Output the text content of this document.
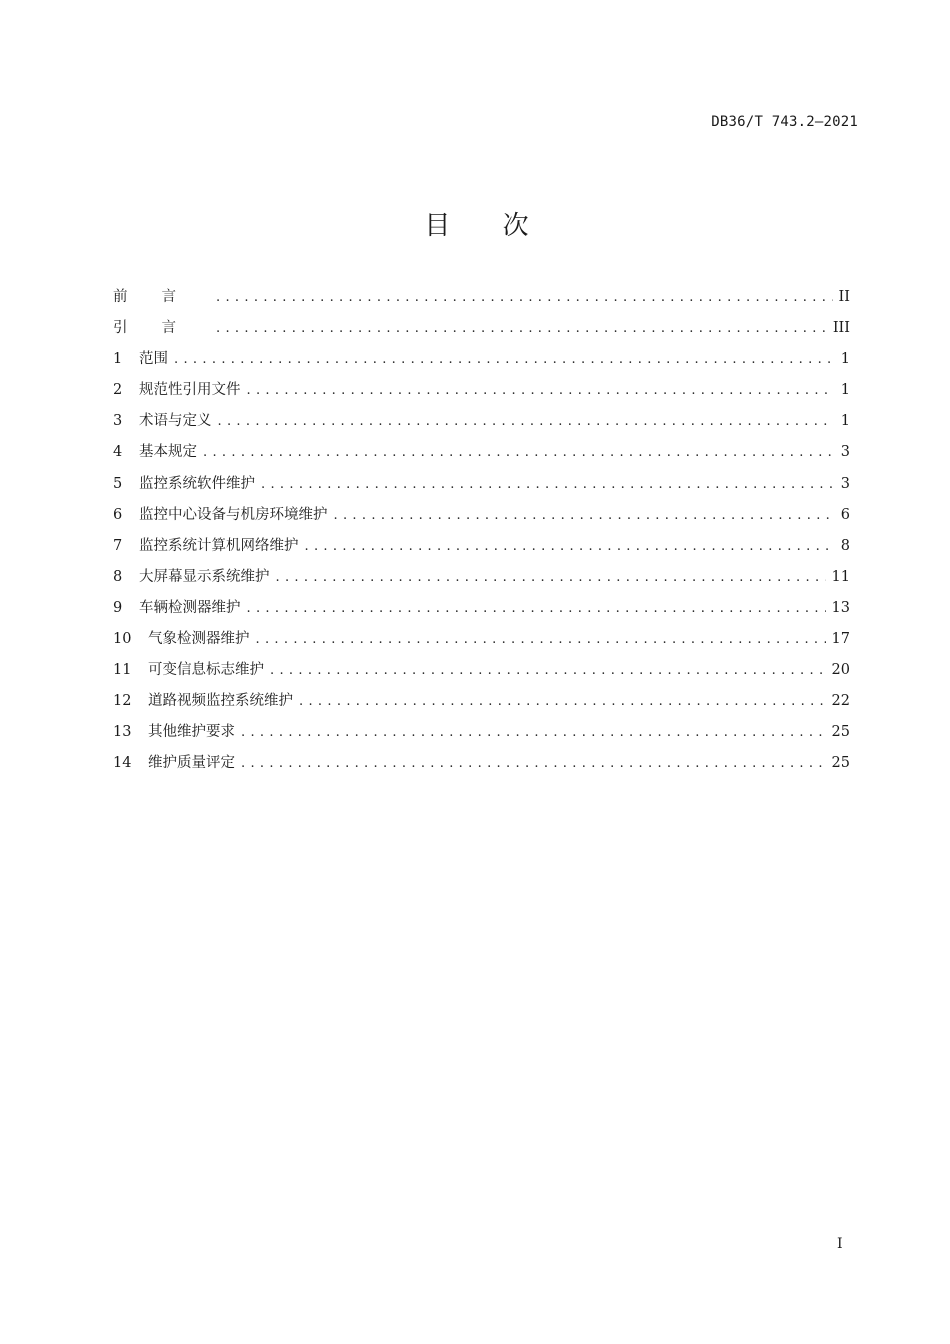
DB36/T 743.2—2021
目 次
前言 . . .	II
引言 . . .	III
1	范围 . . .	1
2	规范性引用文件 . . .	1
3	术语与定义 . . .	1
4	基本规定 . . .	3
5	监控系统软件维护 . . .	3
6	监控中心设备与机房环境维护 . . .	6
7	监控系统计算机网络维护 . . .	8
8	大屏幕显示系统维护 . . .	11
9	车辆检测器维护 . . .	13
10	气象检测器维护 . . .	17
11	可变信息标志维护 . . .	20
12	道路视频监控系统维护 . . .	22
13	其他维护要求 . . .	25
14	维护质量评定 . . .	25
I
